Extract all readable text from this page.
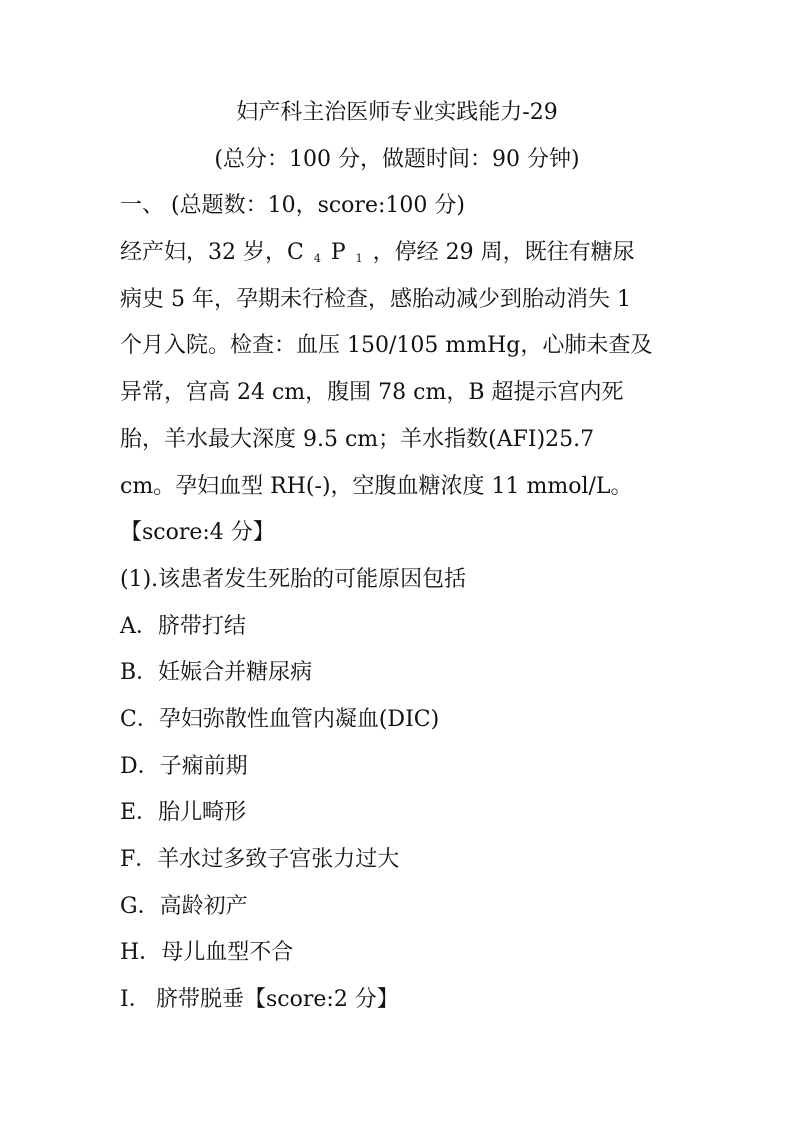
妇产科主治医师专业实践能力-29
(总分：100 分，做题时间：90 分钟)
一、 (总题数：10，score:100 分)
经产妇，32 岁，C $_4$ P $_1$ ，停经 29 周，既往有糖尿
病史 5 年，孕期未行检查，感胎动减少到胎动消失 1
个月入院。检查：血压 150/105 mmHg，心肺未查及
异常，宫高 24 cm，腹围 78 cm，B 超提示宫内死
胎，羊水最大深度 9.5 cm；羊水指数(AFI)25.7
cm。孕妇血型 RH(-)，空腹血糖浓度 11 mmol/L。
【score:4 分】
(1).该患者发生死胎的可能原因包括
A．脐带打结
B．妊娠合并糖尿病
C．孕妇弥散性血管内凝血(DIC)
D．子痫前期
E．胎儿畸形
F．羊水过多致子宫张力过大
G．高龄初产
H．母儿血型不合
I． 脐带脱垂【score:2 分】
